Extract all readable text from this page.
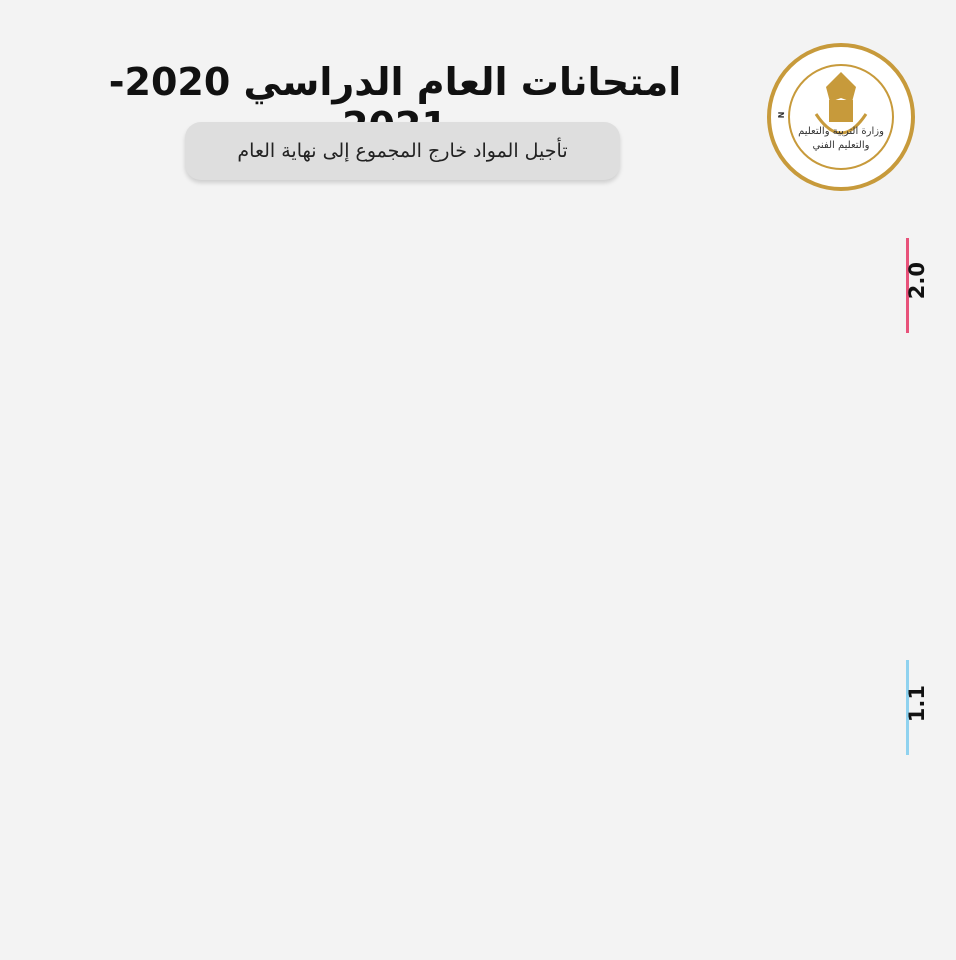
امتحانات العام الدراسي 2020-
تأجيل المواد خارج المجموع إلى نهاية العام
وزارة التربية والتعليم
والتعليم الفني
N
2.0
1.1
